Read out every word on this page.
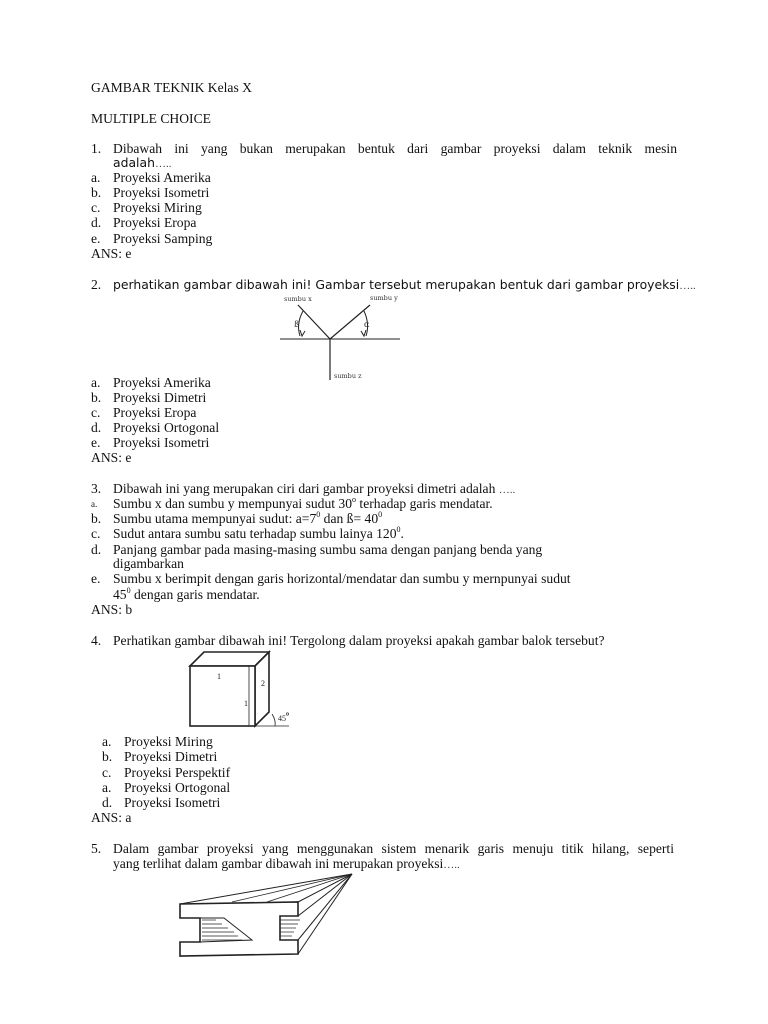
GAMBAR TEKNIK Kelas X
MULTIPLE CHOICE
1. Dibawah ini yang bukan merupakan bentuk dari gambar proyeksi dalam teknik mesin
adalah…..
a. Proyeksi Amerika
b. Proyeksi Isometri
c. Proyeksi Miring
d. Proyeksi Eropa
e. Proyeksi Samping
ANS: e
2. perhatikan gambar dibawah ini! Gambar tersebut merupakan bentuk dari gambar proyeksi…..
sumbu x	sumbu y
sumbu z
ß	α
a. Proyeksi Amerika
b. Proyeksi Dimetri
c. Proyeksi Eropa
d. Proyeksi Ortogonal
e. Proyeksi Isometri
ANS: e
3. Dibawah ini yang merupakan ciri dari gambar proyeksi dimetri adalah …..
a. Sumbu x dan sumbu y mempunyai sudut 30$^o$ terhadap garis mendatar.
b. Sumbu utama mempunyai sudut: $a=7^0$ dan ß= $40^0$
c. Sudut antara sumbu satu terhadap sumbu lainya $120^0$.
d. Panjang gambar pada masing-masing sumbu sama dengan panjang benda yang
digambarkan
e. Sumbu x berimpit dengan garis horizontal/mendatar dan sumbu y mernpunyai sudut
$45^0$ dengan garis mendatar.
ANS: b
4. Perhatikan gambar dibawah ini! Tergolong dalam proyeksi apakah gambar balok tersebut?
1
1
2
45
a. Proyeksi Miring
b. Proyeksi Dimetri
c. Proyeksi Perspektif
a. Proyeksi Ortogonal
d. Proyeksi Isometri
ANS: a
5. Dalam gambar proyeksi yang menggunakan sistem menarik garis menuju titik hilang, seperti
yang terlihat dalam gambar dibawah ini merupakan proyeksi…..
